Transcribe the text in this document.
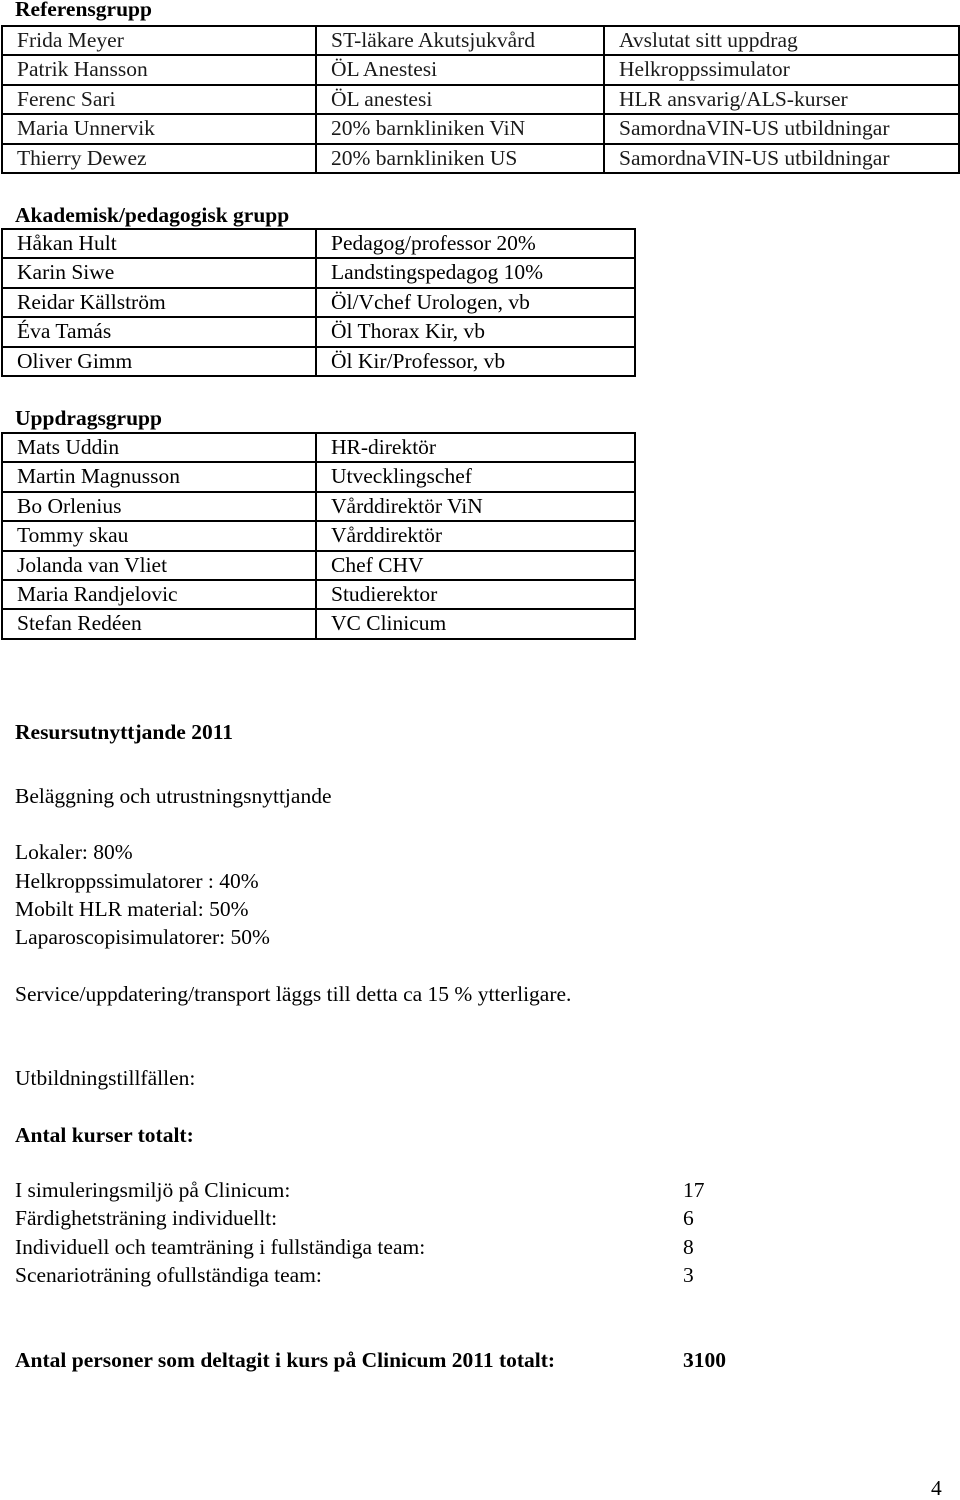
Referensgrupp
Frida Meyer	ST-läkare Akutsjukvård	Avslutat sitt uppdrag
Patrik Hansson	ÖL Anestesi	Helkroppssimulator
Ferenc Sari	ÖL anestesi	HLR ansvarig/ALS-kurser
Maria Unnervik	20% barnkliniken ViN	SamordnaVIN-US utbildningar
Thierry Dewez	20% barnkliniken US	SamordnaVIN-US utbildningar
Akademisk/pedagogisk grupp
Håkan Hult	Pedagog/professor 20%
Karin Siwe	Landstingspedagog 10%
Reidar Källström	Öl/Vchef Urologen, vb
Éva Tamás	Öl Thorax Kir, vb
Oliver Gimm	Öl Kir/Professor, vb
Uppdragsgrupp
Mats Uddin	HR-direktör
Martin Magnusson	Utvecklingschef
Bo Orlenius	Vårddirektör ViN
Tommy skau	Vårddirektör
Jolanda van Vliet	Chef CHV
Maria Randjelovic	Studierektor
Stefan Redéen	VC Clinicum
Resursutnyttjande 2011
Beläggning och utrustningsnyttjande
Lokaler: 80%
Helkroppssimulatorer : 40%
Mobilt HLR material: 50%
Laparoscopisimulatorer: 50%
Service/uppdatering/transport läggs till detta ca 15 % ytterligare.
Utbildningstillfällen:
Antal kurser totalt:
I simuleringsmiljö på Clinicum:	17
Färdighetsträning individuellt:	6
Individuell och teamträning i fullständiga team:	8
Scenarioträning ofullständiga team:	3
Antal personer som deltagit i kurs på Clinicum 2011 totalt:	3100
4
